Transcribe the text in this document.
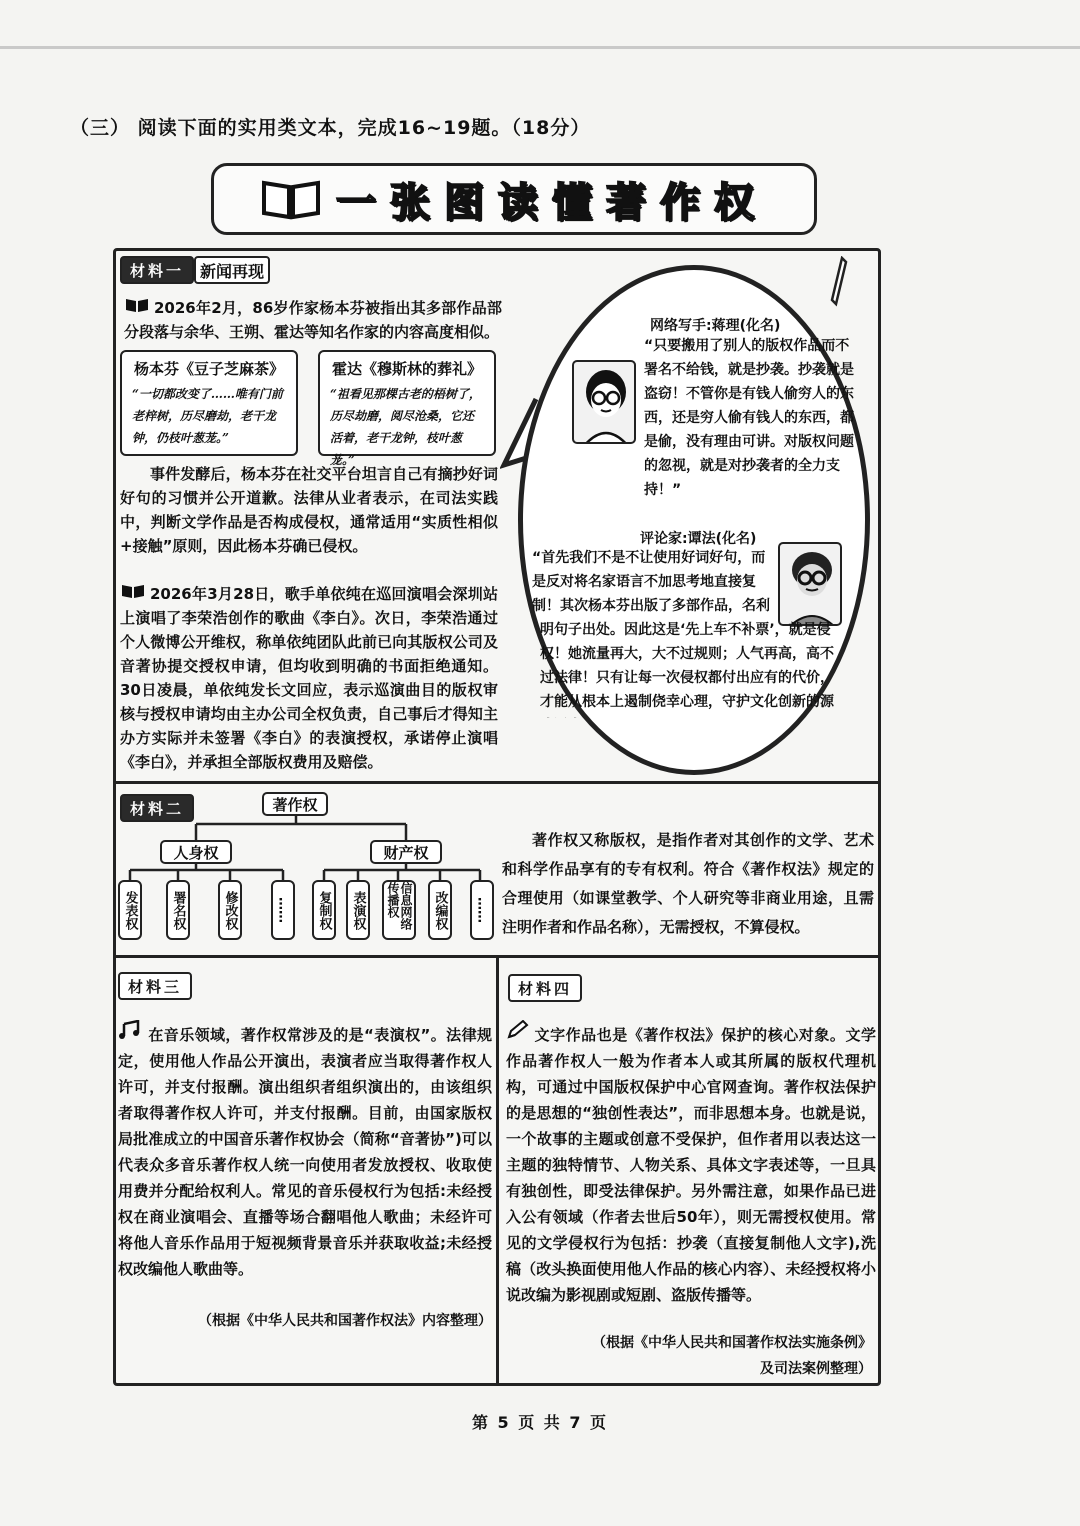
（三） 阅读下面的实用类文本，完成16~19题。（18分）
一张图读懂著作权
材料一 新闻再现
2026年2月，86岁作家杨本芬被指出其多部作品部分段落与余华、王朔、霍达等知名作家的内容高度相似。
杨本芬《豆子芝麻茶》
“一切都改变了……唯有门前老梓树，历尽磨劫，老干龙钟，仍枝叶葱茏。”
霍达《穆斯林的葬礼》
“祖看见那棵古老的梧树了，历尽劫磨，阅尽沧桑，它还活着，老干龙钟，枝叶葱茏。”
事件发酵后，杨本芬在社交平台坦言自己有摘抄好词好句的习惯并公开道歉。法律从业者表示，在司法实践中，判断文学作品是否构成侵权，通常适用“实质性相似+接触”原则，因此杨本芬确已侵权。
2026年3月28日，歌手单依纯在巡回演唱会深圳站上演唱了李荣浩创作的歌曲《李白》。次日，李荣浩通过个人微博公开维权，称单依纯团队此前已向其版权公司及音著协提交授权申请，但均收到明确的书面拒绝通知。30日凌晨，单依纯发长文回应，表示巡演曲目的版权审核与授权申请均由主办公司全权负责，自己事后才得知主办方实际并未签署《李白》的表演授权，承诺停止演唱《李白》，并承担全部版权费用及赔偿。
网络写手:蒋理(化名)
“只要搬用了别人的版权作品而不署名不给钱，就是抄袭。抄袭就是盗窃！不管你是有钱人偷穷人的东西，还是穷人偷有钱人的东西，都是偷，没有理由可讲。对版权问题的忽视，就是对抄袭者的全力支持！”
评论家:谭法(化名)
“首先我们不是不让使用好词好句，而是反对将名家语言不加思考地直接复制！其次杨本芬出版了多部作品，名利
明句子出处。因此这是‘先上车不补票’，就是侵权！她流量再大，大不过规则；人气再高，高不过法律！只有让每一次侵权都付出应有的代价，才能从根本上遏制侥幸心理，守护文化创新的源
材料二	著作权
人身权	财产权
发表权	署名权	修改权	……	复制权	表演权	信息网络传播权	改编权	……
著作权又称版权，是指作者对其创作的文学、艺术和科学作品享有的专有权利。符合《著作权法》规定的合理使用（如课堂教学、个人研究等非商业用途，且需注明作者和作品名称），无需授权，不算侵权。
材料三
在音乐领域，著作权常涉及的是“表演权”。法律规定，使用他人作品公开演出，表演者应当取得著作权人许可，并支付报酬。演出组织者组织演出的，由该组织者取得著作权人许可，并支付报酬。目前，由国家版权局批准成立的中国音乐著作权协会（简称“音著协”)可以代表众多音乐著作权人统一向使用者发放授权、收取使用费并分配给权利人。常见的音乐侵权行为包括:未经授权在商业演唱会、直播等场合翻唱他人歌曲；未经许可将他人音乐作品用于短视频背景音乐并获取收益;未经授权改编他人歌曲等。
（根据《中华人民共和国著作权法》内容整理）
材料四
文字作品也是《著作权法》保护的核心对象。文学作品著作权人一般为作者本人或其所属的版权代理机构，可通过中国版权保护中心官网查询。著作权法保护的是思想的“独创性表达”，而非思想本身。也就是说，一个故事的主题或创意不受保护，但作者用以表达这一主题的独特情节、人物关系、具体文字表述等，一旦具有独创性，即受法律保护。另外需注意，如果作品已进入公有领域（作者去世后50年），则无需授权使用。常见的文学侵权行为包括：抄袭（直接复制他人文字),洗稿（改头换面使用他人作品的核心内容）、未经授权将小说改编为影视剧或短剧、盗版传播等。
（根据《中华人民共和国著作权法实施条例》
及司法案例整理）
第 5 页 共 7 页
